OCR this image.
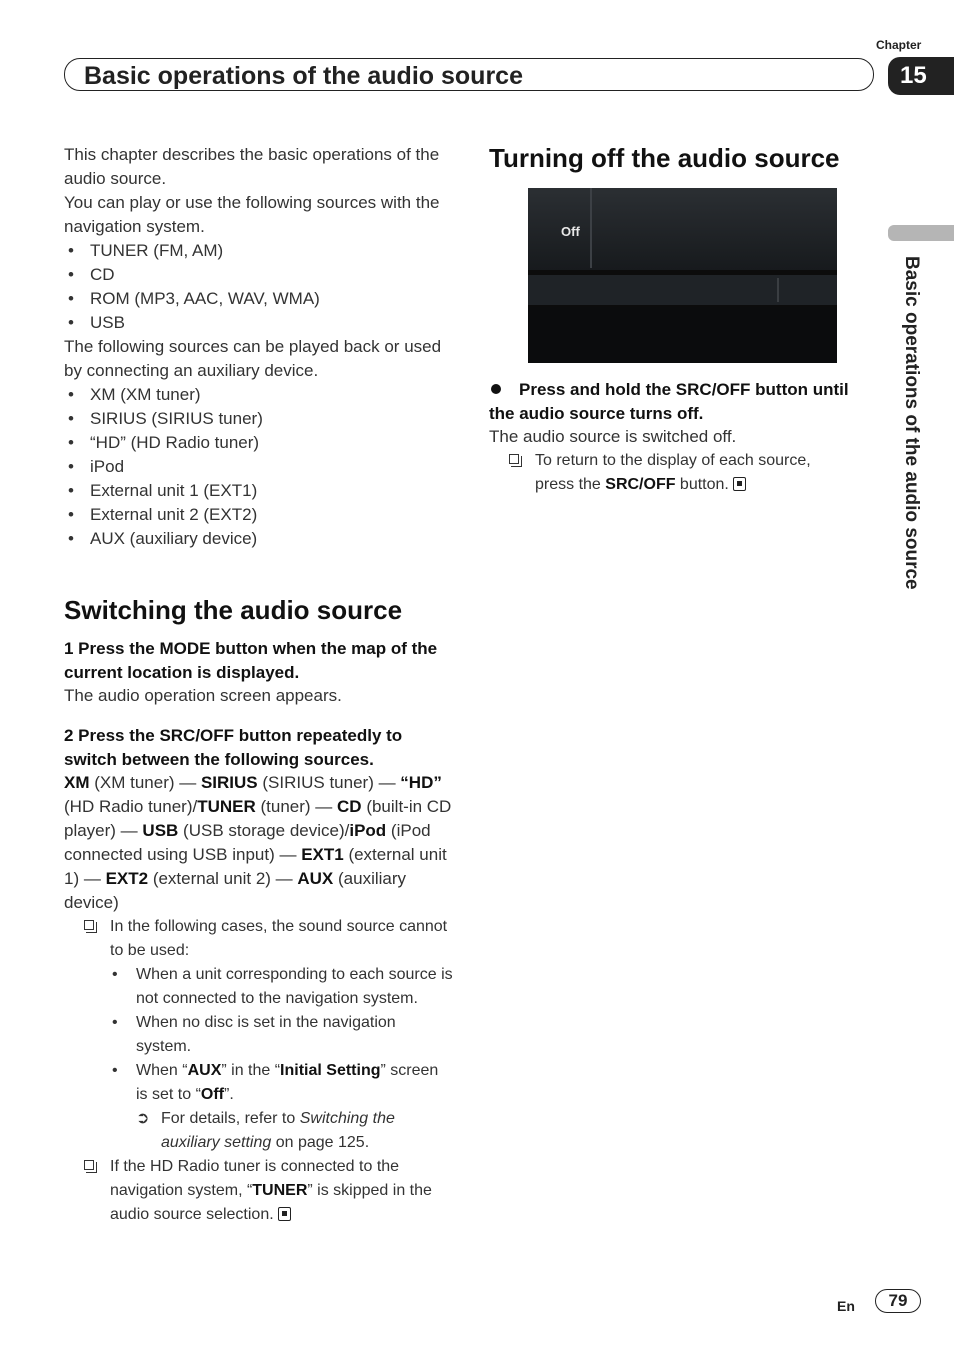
Chapter
Basic operations of the audio source	15
Basic operations of the audio source

This chapter describes the basic operations of the audio source.

You can play or use the following sources with the navigation system.

• TUNER (FM, AM)
• CD
• ROM (MP3, AAC, WAV, WMA)
• USB

The following sources can be played back or used by connecting an auxiliary device.

• XM (XM tuner)
• SIRIUS (SIRIUS tuner)
• “HD” (HD Radio tuner)
• iPod
• External unit 1 (EXT1)
• External unit 2 (EXT2)
• AUX (auxiliary device)
Switching the audio source

1 Press the MODE button when the map of the current location is displayed.

The audio operation screen appears.

2 Press the SRC/OFF button repeatedly to switch between the following sources.

XM (XM tuner) — SIRIUS (SIRIUS tuner) — “HD” (HD Radio tuner)/TUNER (tuner) — CD (built-in CD player) — USB (USB storage device)/iPod (iPod connected using USB input) — EXT1 (external unit 1) — EXT2 (external unit 2) — AUX (auxiliary device)

In the following cases, the sound source cannot to be used:
• When a unit corresponding to each source is not connected to the navigation system.
• When no disc is set in the navigation system.
• When “AUX” in the “Initial Setting” screen is set to “Off”.
➲ For details, refer to Switching the auxiliary setting on page 125.
If the HD Radio tuner is connected to the navigation system, “TUNER” is skipped in the audio source selection.
Turning off the audio source
Off

Press and hold the SRC/OFF button until the audio source turns off.

The audio source is switched off.

To return to the display of each source, press the SRC/OFF button.
En	79
